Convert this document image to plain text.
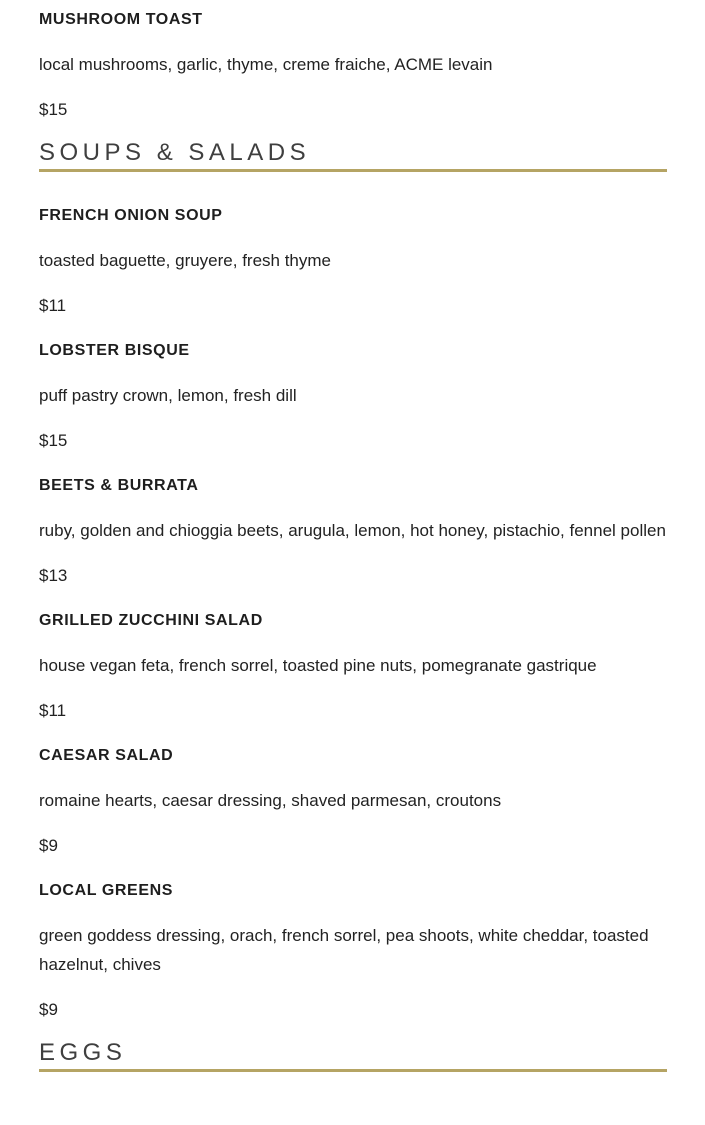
MUSHROOM TOAST

local mushrooms, garlic, thyme, creme fraiche, ACME levain

$15

SOUPS & SALADS

FRENCH ONION SOUP

toasted baguette, gruyere, fresh thyme

$11

LOBSTER BISQUE

puff pastry crown, lemon, fresh dill

$15

BEETS & BURRATA

ruby, golden and chioggia beets, arugula, lemon, hot honey, pistachio, fennel pollen

$13

GRILLED ZUCCHINI SALAD

house vegan feta, french sorrel, toasted pine nuts, pomegranate gastrique

$11

CAESAR SALAD

romaine hearts, caesar dressing, shaved parmesan, croutons

$9

LOCAL GREENS

green goddess dressing, orach, french sorrel, pea shoots, white cheddar, toasted hazelnut, chives

$9

EGGS
